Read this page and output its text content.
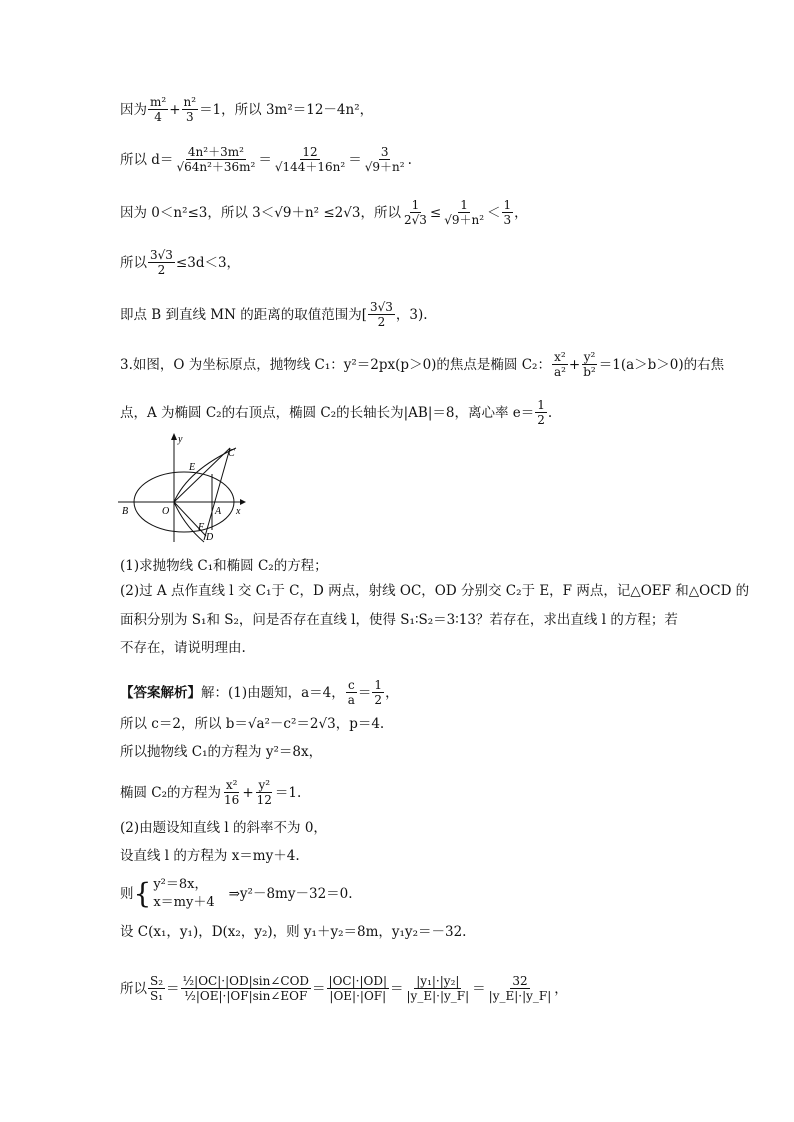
因为 $\frac{\text{m²}}{4} + \frac{\text{n²}}{3} =1$，所以 3m²＝12－4n²，
所以 $d= \frac{\text{4n²＋3m²}}{\text{√64n²＋36m²}} = \frac{12}{\text{√144＋16n²}} = \frac{3}{\text{√9＋n²}}$ .
因为 0＜n²≤3，所以 3＜√9＋n² ≤2√3，所以 $\frac{1}{2√3} \le \frac{1}{\text{√9＋n²}} < \frac{1}{3}$ ，
所以 $\frac{3√3}{2} \le 3d<3$，
即点 B 到直线 MN 的距离的取值范围为[ $\frac{3√3}{2}$ ，3).
3.如图，O 为坐标原点，抛物线 C₁：y²＝2px(p＞0)的焦点是椭圆 C₂： $\frac{\text{x²}}{\text{a²}} + \frac{\text{y²}}{\text{b²}} =1(a>b>0)$的右焦
点，A 为椭圆 C₂的右顶点，椭圆 C₂的长轴长为|AB|＝8，离心率 $e= \frac{1}{2}$ .
y
x
B	O	A
E
C
F
D
(1)求抛物线 C₁和椭圆 C₂的方程；
(2)过 A 点作直线 l 交 C₁于 C，D 两点，射线 OC，OD 分别交 C₂于 E，F 两点，记△OEF 和△OCD 的
面积分别为 S₁和 S₂，问是否存在直线 l，使得 S₁∶S₂＝3∶13？若存在，求出直线 l 的方程；若
不存在，请说明理由.
【答案解析】 解：(1)由题知，a＝4， $\frac{c}{a} = \frac{1}{2}$ ，
所以 c＝2，所以 b＝√a²－c²＝2√3，p＝4.
所以抛物线 C₁的方程为 y²＝8x，
椭圆 C₂的方程为 $\frac{\text{x²}}{16} + \frac{\text{y²}}{12} =1$.
(2)由题设知直线 l 的斜率不为 0，
设直线 l 的方程为 x＝my＋4.
则 { y²＝8x，
x＝my＋4
⇒y²－8my－32＝0.
设 C(x₁，y₁)，D(x₂，y₂)，则 y₁＋y₂＝8m，y₁y₂＝－32.
所以 $\frac{\text{S₂}}{\text{S₁}} = \frac{\text{½|OC|·|OD|sin∠COD}}{\text{½|OE|·|OF|sin∠EOF}} = \frac{|OC|\cdot|OD|}{|OE|\cdot|OF|} = \frac{\text{|y₁|·|y₂|}}{|y\_E|\cdot|y\_F|} = \frac{32}{|y\_E|\cdot|y\_F|}$ ，
